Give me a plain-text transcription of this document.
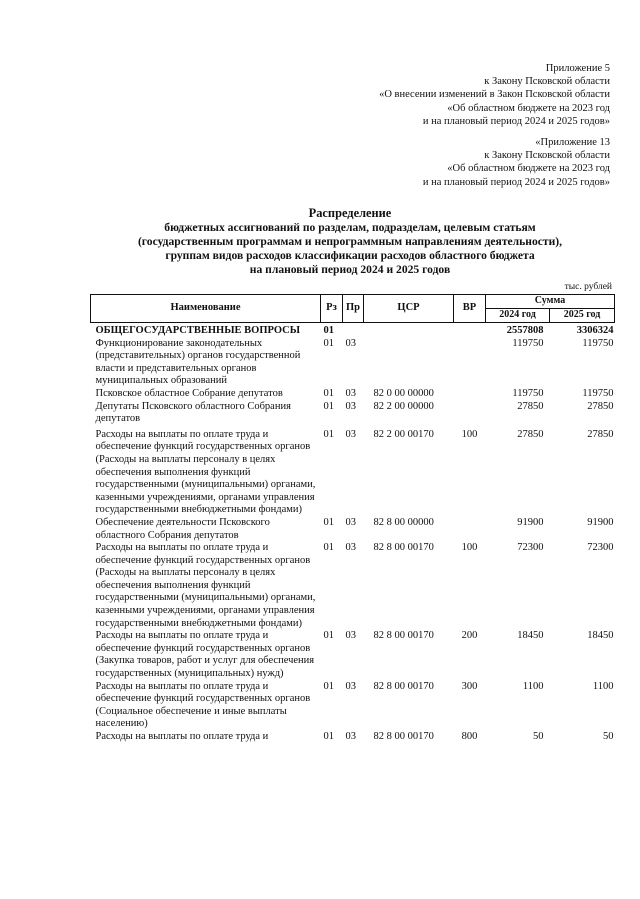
Приложение 5
к Закону Псковской области
«О внесении изменений в Закон Псковской области
«Об областном бюджете на 2023 год
и на плановый период 2024 и 2025 годов»
«Приложение 13
к Закону Псковской области
«Об областном бюджете на 2023 год
и на плановый период 2024 и 2025 годов»
Распределение
бюджетных ассигнований по разделам, подразделам, целевым статьям
(государственным программам и непрограммным направлениям деятельности),
группам видов расходов классификации расходов областного бюджета
на плановый период 2024 и 2025 годов
тыс. рублей
Наименование	Рз	Пр	ЦСР	ВР	Сумма	
					2024 год	2025 год
ОБЩЕГОСУДАРСТВЕННЫЕ ВОПРОСЫ	01				2557808	3306324
Функционирование законодательных (представительных) органов государственной власти и представительных органов муниципальных образований	01	03			119750	119750
Псковское областное Собрание депутатов	01	03	82 0 00 00000		119750	119750
Депутаты Псковского областного Собрания депутатов	01	03	82 2 00 00000		27850	27850
Расходы на выплаты по оплате труда и обеспечение функций государственных органов (Расходы на выплаты персоналу в целях обеспечения выполнения функций государственными (муниципальными) органами, казенными учреждениями, органами управления государственными внебюджетными фондами)	01	03	82 2 00 00170	100	27850	27850
Обеспечение деятельности Псковского областного Собрания депутатов	01	03	82 8 00 00000		91900	91900
Расходы на выплаты по оплате труда и обеспечение функций государственных органов (Расходы на выплаты персоналу в целях обеспечения выполнения функций государственными (муниципальными) органами, казенными учреждениями, органами управления государственными внебюджетными фондами)	01	03	82 8 00 00170	100	72300	72300
Расходы на выплаты по оплате труда и обеспечение функций государственных органов (Закупка товаров, работ и услуг для обеспечения государственных (муниципальных) нужд)	01	03	82 8 00 00170	200	18450	18450
Расходы на выплаты по оплате труда и обеспечение функций государственных органов (Социальное обеспечение и иные выплаты населению)	01	03	82 8 00 00170	300	1100	1100
Расходы на выплаты по оплате труда и	01	03	82 8 00 00170	800	50	50
